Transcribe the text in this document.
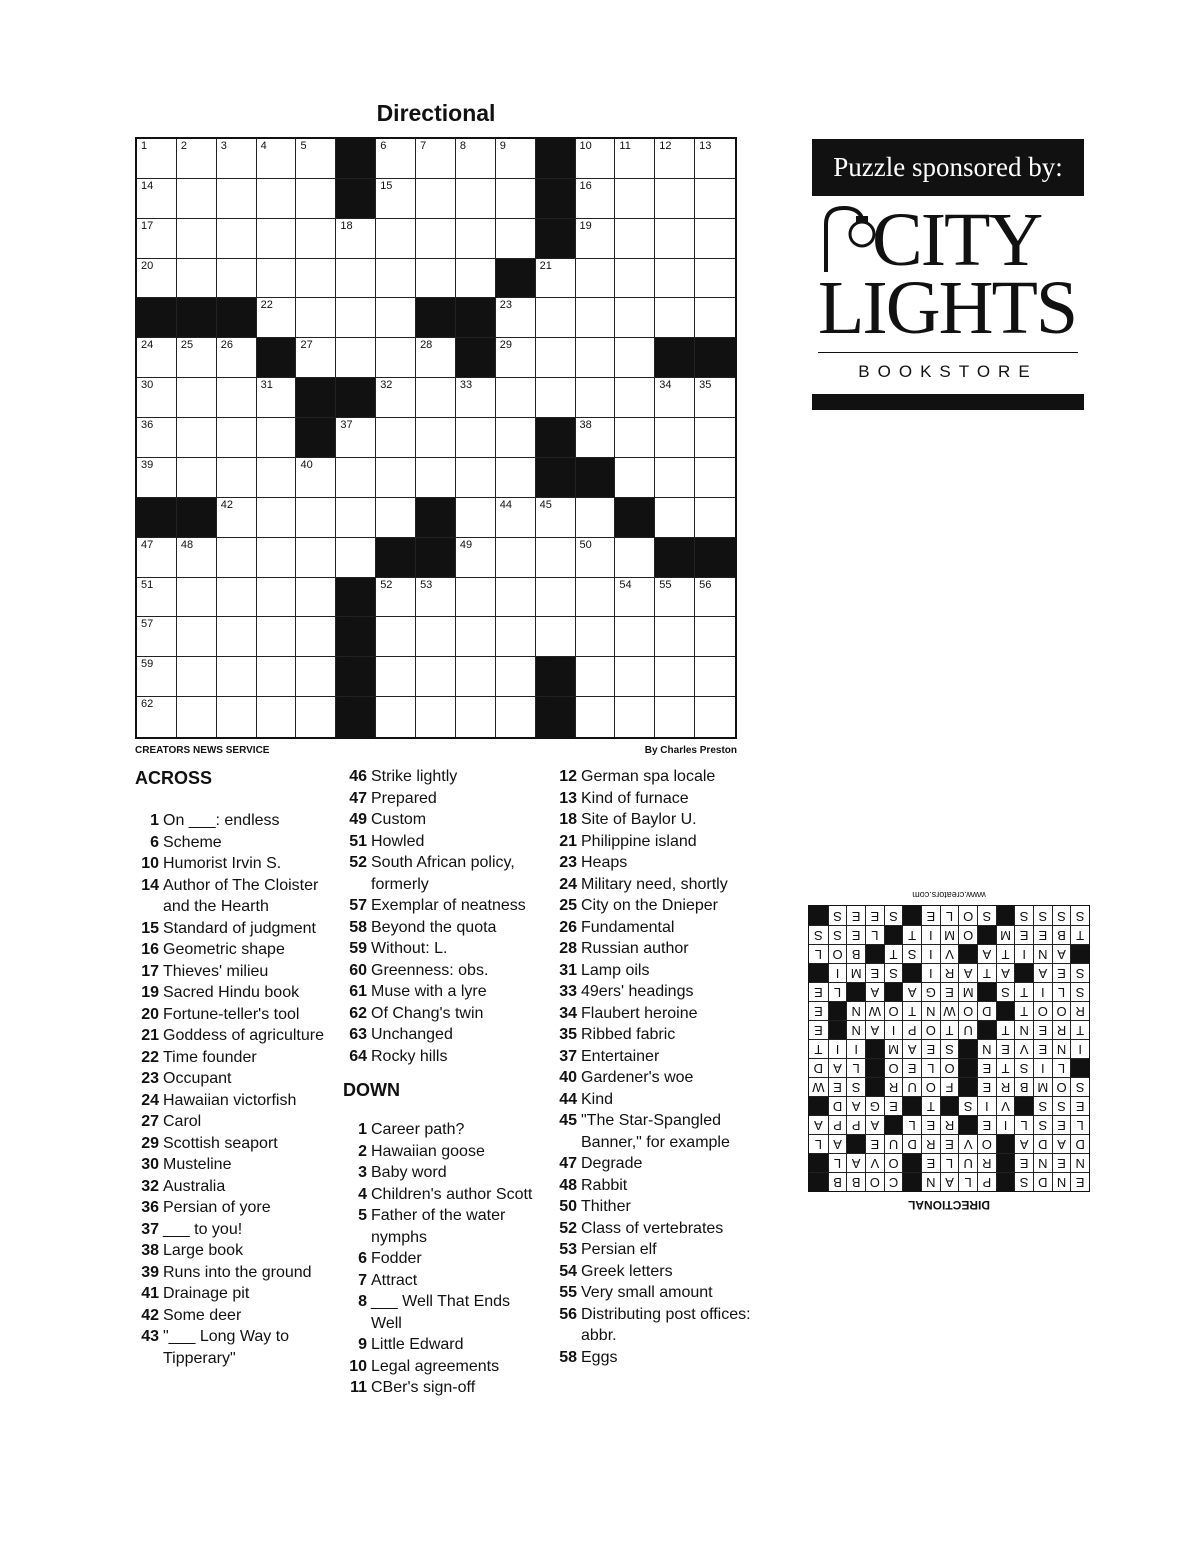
Directional
1	2	3	4	5	6	7	8	9	10	11	12	13
14	15	16
17	18	19
20	21
22	23
24	25	26	27	28	29
30	31	32	33	34	35
36	37	38
39	40	41
42	43	44	45	46
47	48	49	50
51	52	53	54	55	56
57	58
59	60	61
62	63	64
CREATORS NEWS SERVICE	By Charles Preston
ACROSS
1 On ___: endless
6 Scheme
10 Humorist Irvin S.
14 Author of The Cloister and the Hearth
15 Standard of judgment
16 Geometric shape
17 Thieves' milieu
19 Sacred Hindu book
20 Fortune-teller's tool
21 Goddess of agriculture
22 Time founder
23 Occupant
24 Hawaiian victorfish
27 Carol
29 Scottish seaport
30 Musteline
32 Australia
36 Persian of yore
37 ___ to you!
38 Large book
39 Runs into the ground
41 Drainage pit
42 Some deer
43 "___ Long Way to Tipperary"
46 Strike lightly
47 Prepared
49 Custom
51 Howled
52 South African policy, formerly
57 Exemplar of neatness
58 Beyond the quota
59 Without: L.
60 Greenness: obs.
61 Muse with a lyre
62 Of Chang's twin
63 Unchanged
64 Rocky hills
DOWN
1 Career path?
2 Hawaiian goose
3 Baby word
4 Children's author Scott
5 Father of the water nymphs
6 Fodder
7 Attract
8 ___ Well That Ends Well
9 Little Edward
10 Legal agreements
11 CBer's sign-off
12 German spa locale
13 Kind of furnace
18 Site of Baylor U.
21 Philippine island
23 Heaps
24 Military need, shortly
25 City on the Dnieper
26 Fundamental
28 Russian author
31 Lamp oils
33 49ers' headings
34 Flaubert heroine
35 Ribbed fabric
37 Entertainer
40 Gardener's woe
44 Kind
45 "The Star-Spangled Banner," for example
47 Degrade
48 Rabbit
50 Thither
52 Class of vertebrates
53 Persian elf
54 Greek letters
55 Very small amount
56 Distributing post offices: abbr.
58 Eggs
Puzzle sponsored by:
CITY
LIGHTS
BOOKSTORE
DIRECTIONAL
E
N
D
S
P
L
A
N
C
O
B
B
N
E
N
E
R
U
L
E
O
V
A
L
D
A
D
A
O
V
E
R
D
U
E
A
L
L
E
S
L
I
E
R
E
L
A
P
P
A
E
S
S
V
I
S
T
E
G
A
D
S
O
M
B
R
E
F
O
U
R
S
E
W
L
I
S
T
E
O
L
E
O
L
A
D
I
N
E
V
E
N
S
E
A
M
I
I
T
T
R
E
N
T
U
T
O
P
I
A
N
E
R
O
O
T
D
O
W
N
T
O
W
N
E
S
L
I
T
S
M
E
G
A
A
L
E
S
E
A
A
T
A
R
I
S
E
M
I
A
N
I
T
A
V
I
S
T
B
O
L
T
B
E
E
M
O
M
I
T
L
E
S
S
S
S
S
S
S
O
L
E
S
E
E
S
www.creators.com
